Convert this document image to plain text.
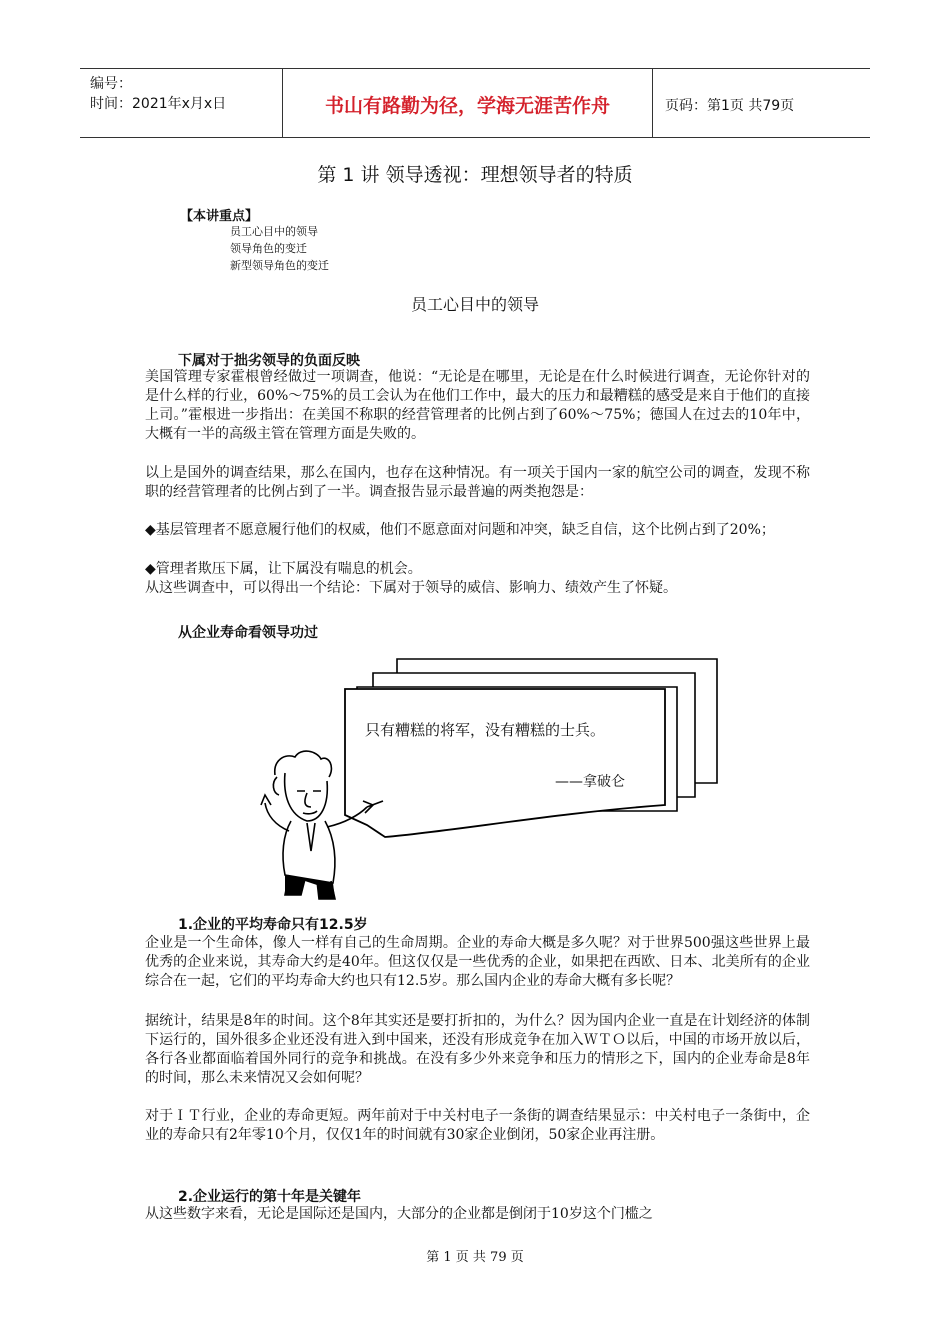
编号：
时间：2021年x月x日	书山有路勤为径，学海无涯苦作舟	页码：第1页 共79页
第 1 讲 领导透视：理想领导者的特质
【本讲重点】
员工心目中的领导
领导角色的变迁
新型领导角色的变迁
员工心目中的领导
下属对于拙劣领导的负面反映
美国管理专家霍根曾经做过一项调查，他说：“无论是在哪里，无论是在什么时候进行调查，无论你针对的是什么样的行业，60%～75%的员工会认为在他们工作中，最大的压力和最糟糕的感受是来自于他们的直接上司。”霍根进一步指出：在美国不称职的经营管理者的比例占到了60%～75%；德国人在过去的10年中，大概有一半的高级主管在管理方面是失败的。
以上是国外的调查结果，那么在国内，也存在这种情况。有一项关于国内一家的航空公司的调查，发现不称职的经营管理者的比例占到了一半。调查报告显示最普遍的两类抱怨是：
◆基层管理者不愿意履行他们的权威，他们不愿意面对问题和冲突，缺乏自信，这个比例占到了20%；
◆管理者欺压下属，让下属没有喘息的机会。
从这些调查中，可以得出一个结论：下属对于领导的威信、影响力、绩效产生了怀疑。
从企业寿命看领导功过
只有糟糕的将军，没有糟糕的士兵。
——拿破仑
1.企业的平均寿命只有12.5岁
企业是一个生命体，像人一样有自己的生命周期。企业的寿命大概是多久呢？对于世界500强这些世界上最优秀的企业来说，其寿命大约是40年。但这仅仅是一些优秀的企业，如果把在西欧、日本、北美所有的企业综合在一起，它们的平均寿命大约也只有12.5岁。那么国内企业的寿命大概有多长呢？
据统计，结果是8年的时间。这个8年其实还是要打折扣的，为什么？因为国内企业一直是在计划经济的体制下运行的，国外很多企业还没有进入到中国来，还没有形成竞争在加入ＷＴＯ以后，中国的市场开放以后，各行各业都面临着国外同行的竞争和挑战。在没有多少外来竞争和压力的情形之下，国内的企业寿命是8年的时间，那么未来情况又会如何呢？
对于ＩＴ行业，企业的寿命更短。两年前对于中关村电子一条街的调查结果显示：中关村电子一条街中，企业的寿命只有2年零10个月，仅仅1年的时间就有30家企业倒闭，50家企业再注册。
2.企业运行的第十年是关键年
从这些数字来看，无论是国际还是国内，大部分的企业都是倒闭于10岁这个门槛之
第 1 页 共 79 页
